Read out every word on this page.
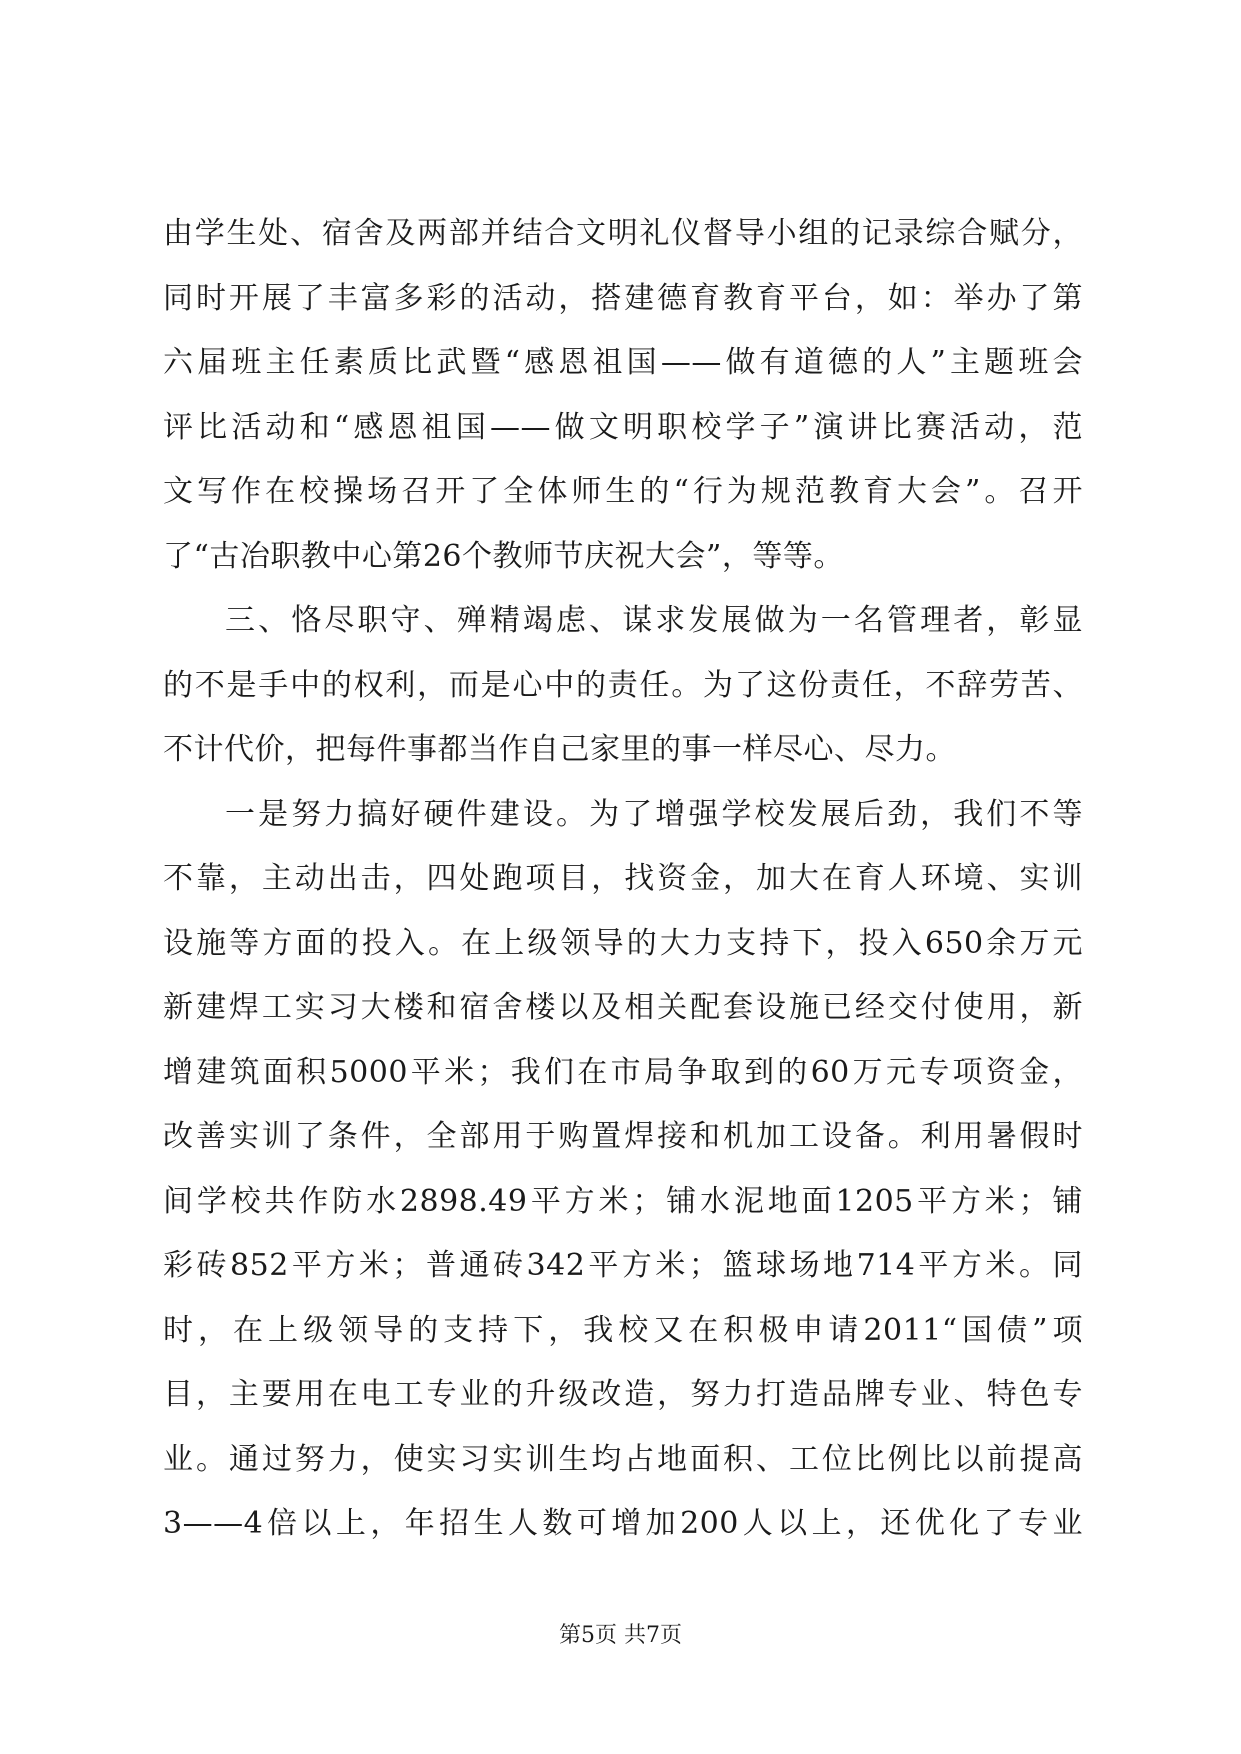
由学生处、宿舍及两部并结合文明礼仪督导小组的记录综合赋分，
同时开展了丰富多彩的活动，搭建德育教育平台，如：举办了第
六届班主任素质比武暨“感恩祖国——做有道德的人”主题班会
评比活动和“感恩祖国——做文明职校学子”演讲比赛活动，范
文写作在校操场召开了全体师生的“行为规范教育大会”。召开
了“古冶职教中心第26个教师节庆祝大会”，等等。
三、恪尽职守、殚精竭虑、谋求发展做为一名管理者，彰显
的不是手中的权利，而是心中的责任。为了这份责任，不辞劳苦、
不计代价，把每件事都当作自己家里的事一样尽心、尽力。
一是努力搞好硬件建设。为了增强学校发展后劲，我们不等
不靠，主动出击，四处跑项目，找资金，加大在育人环境、实训
设施等方面的投入。在上级领导的大力支持下，投入650余万元
新建焊工实习大楼和宿舍楼以及相关配套设施已经交付使用，新
增建筑面积5000平米；我们在市局争取到的60万元专项资金，
改善实训了条件，全部用于购置焊接和机加工设备。利用暑假时
间学校共作防水2898.49平方米；铺水泥地面1205平方米；铺
彩砖852平方米；普通砖342平方米；篮球场地714平方米。同
时，在上级领导的支持下，我校又在积极申请2011“国债”项
目，主要用在电工专业的升级改造，努力打造品牌专业、特色专
业。通过努力，使实习实训生均占地面积、工位比例比以前提高
3——4倍以上，年招生人数可增加200人以上，还优化了专业
第5页 共7页
